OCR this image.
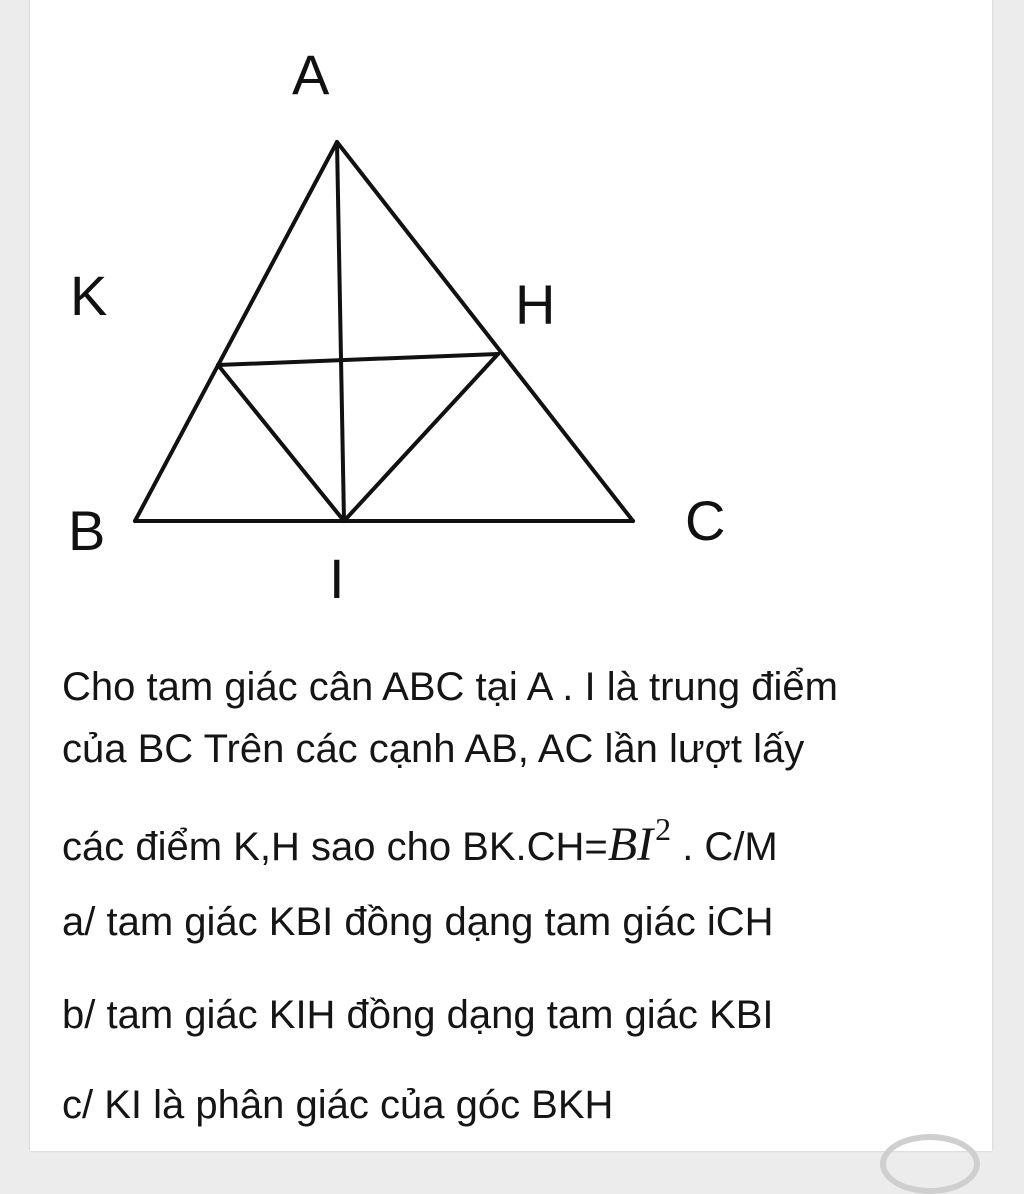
A
K	H
B	C
I
Cho tam giác cân ABC tại A . I là trung điểm
của BC Trên các cạnh AB, AC lần lượt lấy
các điểm K,H sao cho $BK.CH=BI^2$ . C/M
a/ tam giác KBI đồng dạng tam giác iCH
b/ tam giác KIH đồng dạng tam giác KBI
c/ KI là phân giác của góc BKH
